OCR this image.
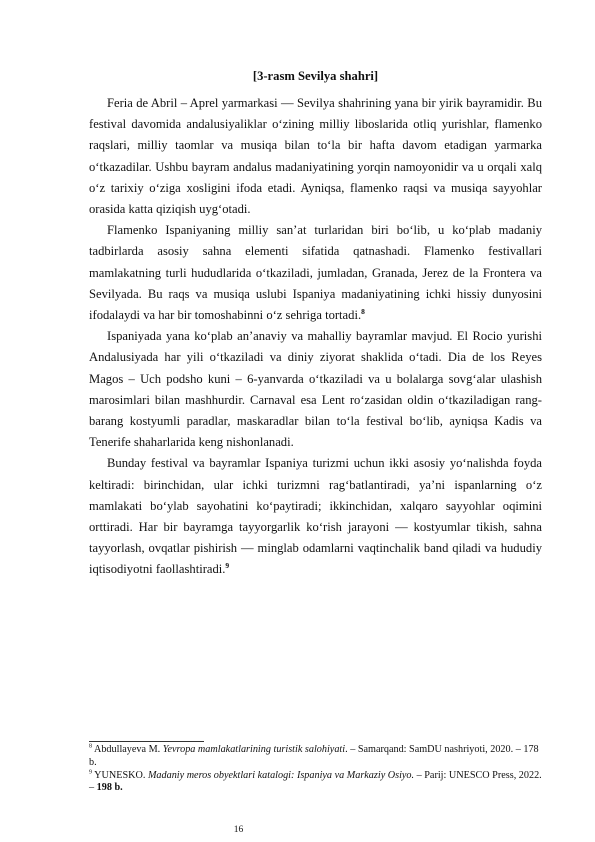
[3-rasm Sevilya shahri]

Feria de Abril – Aprel yarmarkasi — Sevilya shahrining yana bir yirik bayramidir. Bu festival davomida andalusiyaliklar o‘zining milliy liboslarida otliq yurishlar, flamenko raqslari, milliy taomlar va musiqa bilan to‘la bir hafta davom etadigan yarmarka o‘tkazadilar. Ushbu bayram andalus madaniyatining yorqin namoyonidir va u orqali xalq o‘z tarixiy o‘ziga xosligini ifoda etadi. Ayniqsa, flamenko raqsi va musiqa sayyohlar orasida katta qiziqish uyg‘otadi.

Flamenko Ispaniyaning milliy san’at turlaridan biri bo‘lib, u ko‘plab madaniy tadbirlarda asosiy sahna elementi sifatida qatnashadi. Flamenko festivallari mamlakatning turli hududlarida o‘tkaziladi, jumladan, Granada, Jerez de la Frontera va Sevilyada. Bu raqs va musiqa uslubi Ispaniya madaniyatining ichki hissiy dunyosini ifodalaydi va har bir tomoshabinni o‘z sehriga tortadi.$^8$

Ispaniyada yana ko‘plab an’anaviy va mahalliy bayramlar mavjud. El Rocio yurishi Andalusiyada har yili o‘tkaziladi va diniy ziyorat shaklida o‘tadi. Dia de los Reyes Magos – Uch podsho kuni – 6-yanvarda o‘tkaziladi va u bolalarga sovg‘alar ulashish marosimlari bilan mashhurdir. Carnaval esa Lent ro‘zasidan oldin o‘tkaziladigan rang-barang kostyumli paradlar, maskaradlar bilan to‘la festival bo‘lib, ayniqsa Kadis va Tenerife shaharlarida keng nishonlanadi.

Bunday festival va bayramlar Ispaniya turizmi uchun ikki asosiy yo‘nalishda foyda keltiradi: birinchidan, ular ichki turizmni rag‘batlantiradi, ya’ni ispanlarning o‘z mamlakati bo‘ylab sayohatini ko‘paytiradi; ikkinchidan, xalqaro sayyohlar oqimini orttiradi. Har bir bayramga tayyorgarlik ko‘rish jarayoni — kostyumlar tikish, sahna tayyorlash, ovqatlar pishirish — minglab odamlarni vaqtinchalik band qiladi va hududiy iqtisodiyotni faollashtiradi.$^9$

$^8$ Abdullayeva M. Yevropa mamlakatlarining turistik salohiyati. – Samarqand: SamDU nashriyoti, 2020. – 178 b.

$^9$ YUNESKO. Madaniy meros obyektlari katalogi: Ispaniya va Markaziy Osiyo. – Parij: UNESCO Press, 2022. – 198 b.

16
